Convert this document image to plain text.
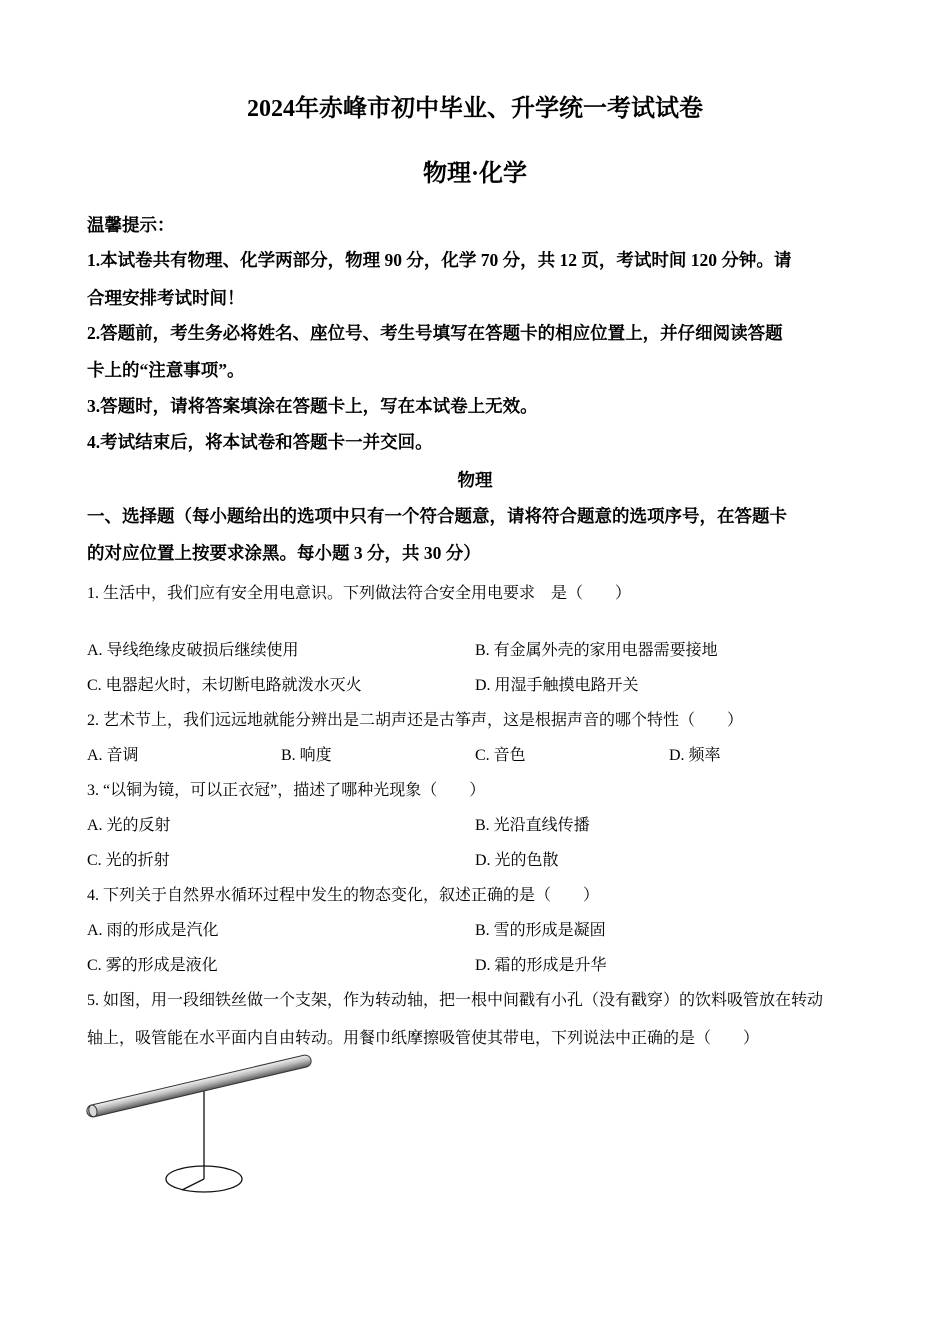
2024年赤峰市初中毕业、升学统一考试试卷
物理·化学
温馨提示：
1.本试卷共有物理、化学两部分，物理 90 分，化学 70 分，共 12 页，考试时间 120 分钟。请
合理安排考试时间！
2.答题前，考生务必将姓名、座位号、考生号填写在答题卡的相应位置上，并仔细阅读答题
卡上的“注意事项”。
3.答题时，请将答案填涂在答题卡上，写在本试卷上无效。
4.考试结束后，将本试卷和答题卡一并交回。
物理
一、选择题（每小题给出的选项中只有一个符合题意，请将符合题意的选项序号，在答题卡
的对应位置上按要求涂黑。每小题 3 分，共 30 分）
1. 生活中，我们应有安全用电意识。下列做法符合安全用电要求　是（　　）
A. 导线绝缘皮破损后继续使用	B. 有金属外壳的家用电器需要接地
C. 电器起火时，未切断电路就泼水灭火	D. 用湿手触摸电路开关
2. 艺术节上，我们远远地就能分辨出是二胡声还是古筝声，这是根据声音的哪个特性（　　）
A. 音调	B. 响度	C. 音色	D. 频率
3. “以铜为镜，可以正衣冠”，描述了哪种光现象（　　）
A. 光的反射	B. 光沿直线传播
C. 光的折射	D. 光的色散
4. 下列关于自然界水循环过程中发生的物态变化，叙述正确的是（　　）
A. 雨的形成是汽化	B. 雪的形成是凝固
C. 雾的形成是液化	D. 霜的形成是升华
5. 如图，用一段细铁丝做一个支架，作为转动轴，把一根中间戳有小孔（没有戳穿）的饮料吸管放在转动
轴上，吸管能在水平面内自由转动。用餐巾纸摩擦吸管使其带电，下列说法中正确的是（　　）
